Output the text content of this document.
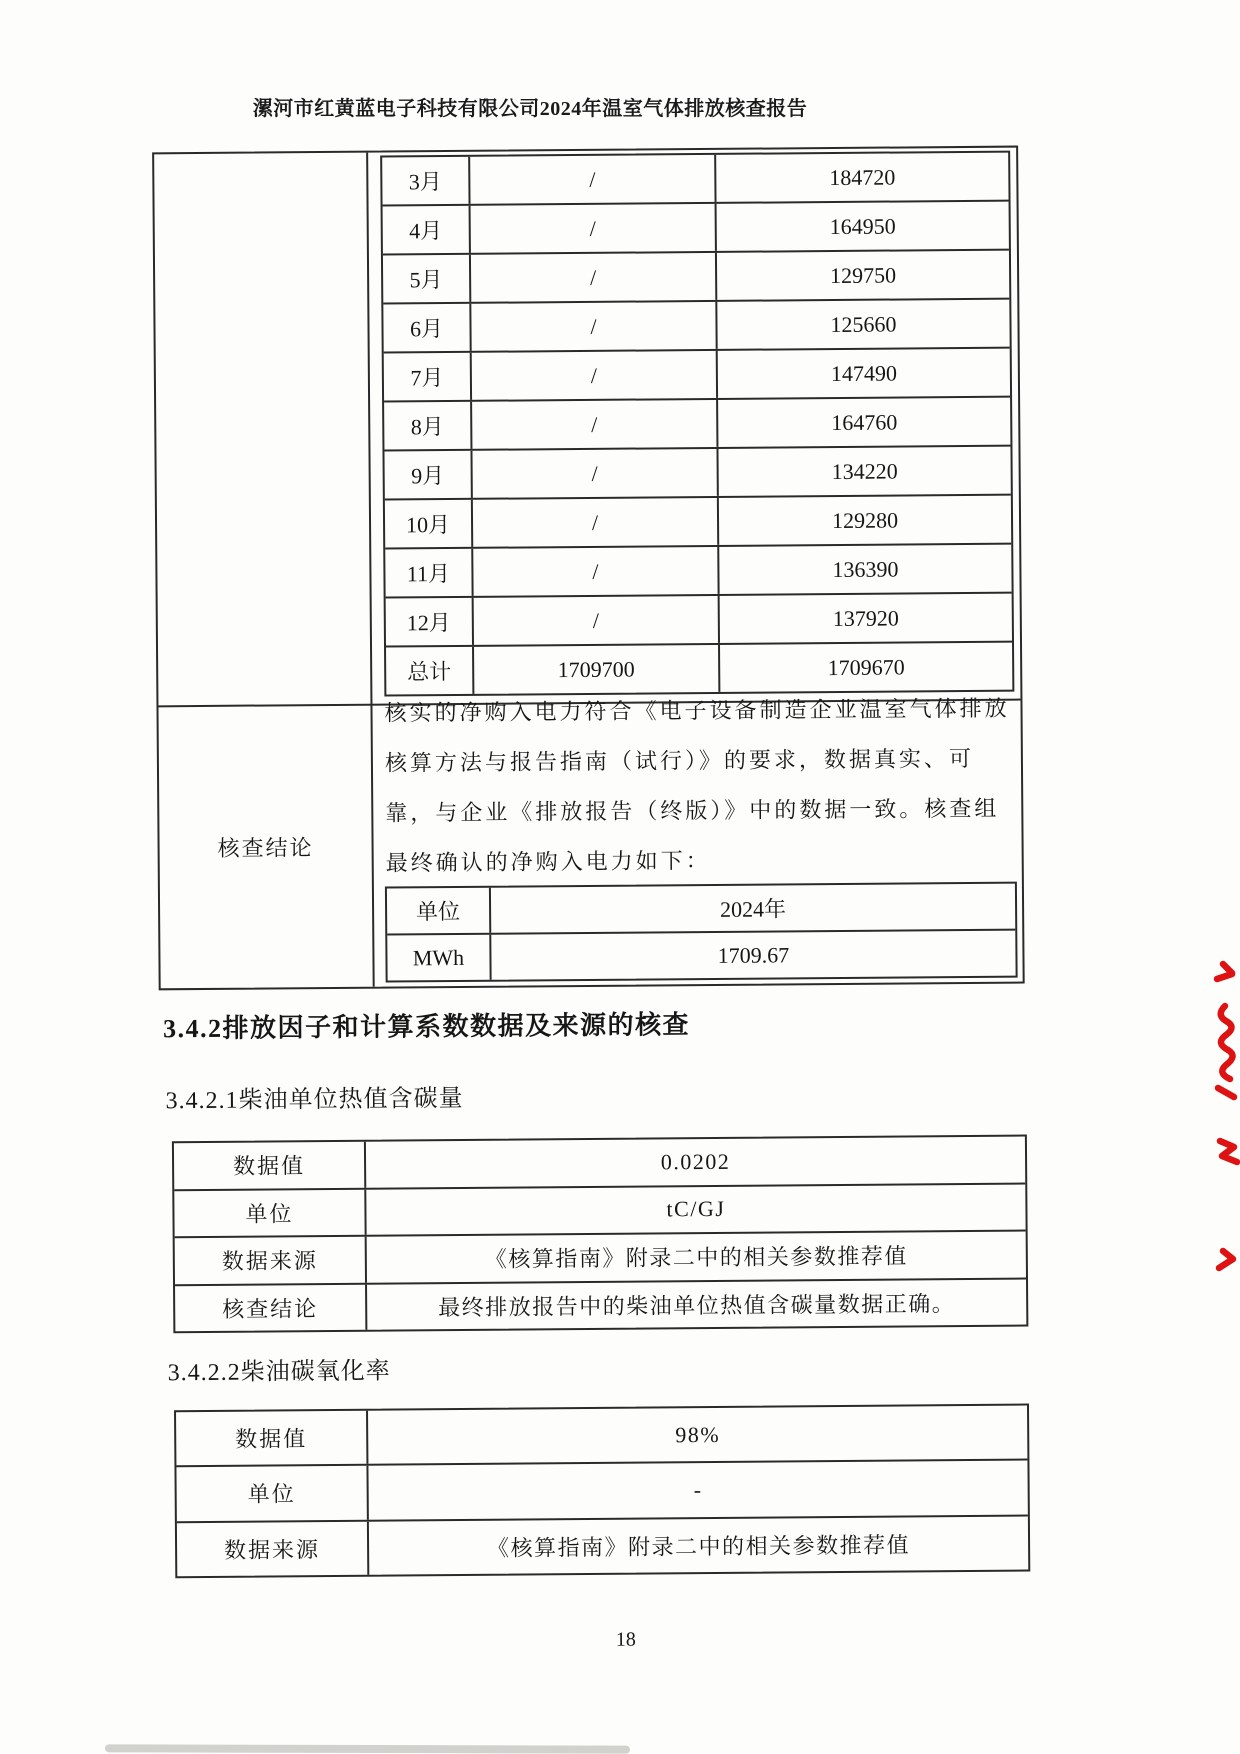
漯河市红黄蓝电子科技有限公司2024年温室气体排放核查报告
3月	/	184720
4月	/	164950
5月	/	129750
6月	/	125660
7月	/	147490
8月	/	164760
9月	/	134220
10月	/	129280
11月	/	136390
12月	/	137920
总计	1709700	1709670
核查结论
核实的净购入电力符合《电子设备制造企业温室气体排放
核算方法与报告指南（试行）》的要求，数据真实、可
靠，与企业《排放报告（终版）》中的数据一致。核查组
最终确认的净购入电力如下：
单位	2024年
MWh	1709.67
3.4.2排放因子和计算系数数据及来源的核查
3.4.2.1柴油单位热值含碳量
数据值	0.0202
单位	tC/GJ
数据来源	《核算指南》附录二中的相关参数推荐值
核查结论	最终排放报告中的柴油单位热值含碳量数据正确。
3.4.2.2柴油碳氧化率
数据值	98%
单位	-
数据来源	《核算指南》附录二中的相关参数推荐值
18
